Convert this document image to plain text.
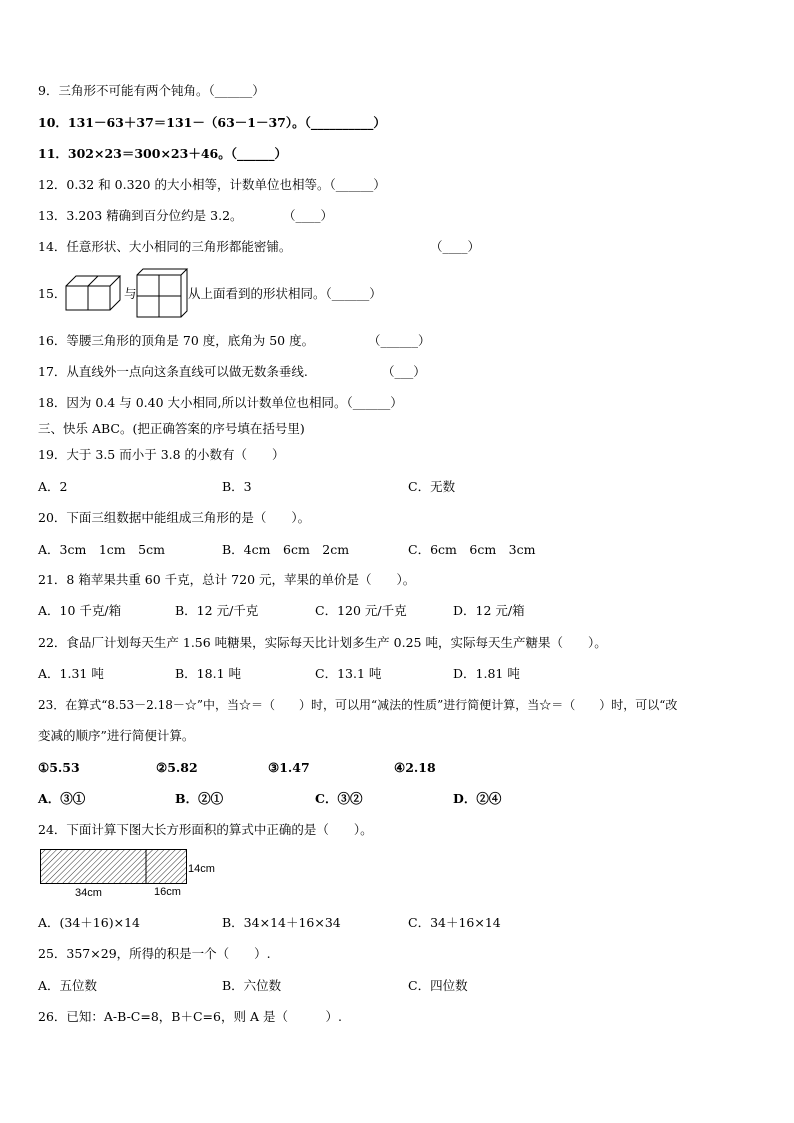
9．三角形不可能有两个钝角。（______）
10．131－63＋37＝131－（63－1－37）。（__________）
11．302×23＝300×23＋46。（______）
12．0.32 和 0.320 的大小相等，计数单位也相等。（______）
13．3.203 精确到百分位约是 3.2。	（____）
14．任意形状、大小相同的三角形都能密铺。	（____）
15．	与	从上面看到的形状相同。（______）
16．等腰三角形的顶角是 70 度，底角为 50 度。	（______）
17．从直线外一点向这条直线可以做无数条垂线.	（___）
18．因为 0.4 与 0.40 大小相同,所以计数单位也相同。（______）
三、快乐 ABC。(把正确答案的序号填在括号里)
19．大于 3.5 而小于 3.8 的小数有（　　）
A．2	B．3	C．无数
20．下面三组数据中能组成三角形的是（　　）。
A．3cm　1cm　5cm	B．4cm　6cm　2cm	C．6cm　6cm　3cm
21．8 箱苹果共重 60 千克，总计 720 元，苹果的单价是（　　）。
A．10 千克/箱	B．12 元/千克	C．120 元/千克	D．12 元/箱
22．食品厂计划每天生产 1.56 吨糖果，实际每天比计划多生产 0.25 吨，实际每天生产糖果（　　）。
A．1.31 吨	B．18.1 吨	C．13.1 吨	D．1.81 吨
23．在算式“8.53－2.18－☆”中，当☆＝（　　）时，可以用“减法的性质”进行简便计算，当☆＝（　　）时，可以“改
变减的顺序”进行简便计算。
①5.53	②5.82	③1.47	④2.18
A．③①	B．②①	C．③②	D．②④
24．下面计算下图大长方形面积的算式中正确的是（　　）。
34cm	16cm
14cm
A．(34＋16)×14	B．34×14＋16×34	C．34＋16×14
25．357×29，所得的积是一个（　　）.
A．五位数	B．六位数	C．四位数
26．已知：A-B-C=8，B＋C=6，则 A 是（　　　）.
